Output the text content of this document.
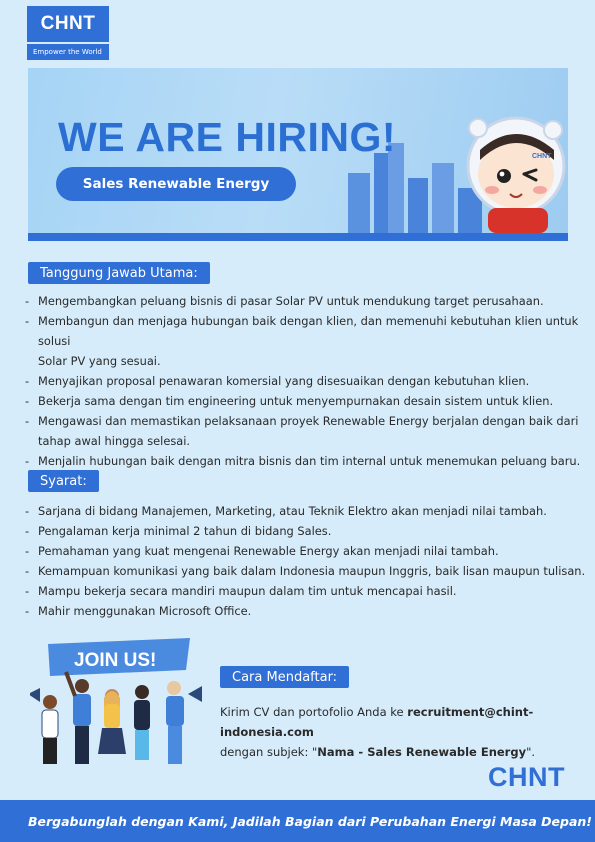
CHNT
Empower the World
CHNT
WE ARE HIRING!
Sales Renewable Energy
Tanggung Jawab Utama:
- Mengembangkan peluang bisnis di pasar Solar PV untuk mendukung target perusahaan.
- Membangun dan menjaga hubungan baik dengan klien, dan memenuhi kebutuhan klien untuk solusi
Solar PV yang sesuai.
- Menyajikan proposal penawaran komersial yang disesuaikan dengan kebutuhan klien.
- Bekerja sama dengan tim engineering untuk menyempurnakan desain sistem untuk klien.
- Mengawasi dan memastikan pelaksanaan proyek Renewable Energy berjalan dengan baik dari
tahap awal hingga selesai.
- Menjalin hubungan baik dengan mitra bisnis dan tim internal untuk menemukan peluang baru.
Syarat:
- Sarjana di bidang Manajemen, Marketing, atau Teknik Elektro akan menjadi nilai tambah.
- Pengalaman kerja minimal 2 tahun di bidang Sales.
- Pemahaman yang kuat mengenai Renewable Energy akan menjadi nilai tambah.
- Kemampuan komunikasi yang baik dalam Indonesia maupun Inggris, baik lisan maupun tulisan.
- Mampu bekerja secara mandiri maupun dalam tim untuk mencapai hasil.
- Mahir menggunakan Microsoft Office.
JOIN US!
Cara Mendaftar:
Kirim CV dan portofolio Anda ke recruitment@chint-indonesia.com
dengan subjek: "Nama - Sales Renewable Energy".
CHNT
Bergabunglah dengan Kami, Jadilah Bagian dari Perubahan Energi Masa Depan!
